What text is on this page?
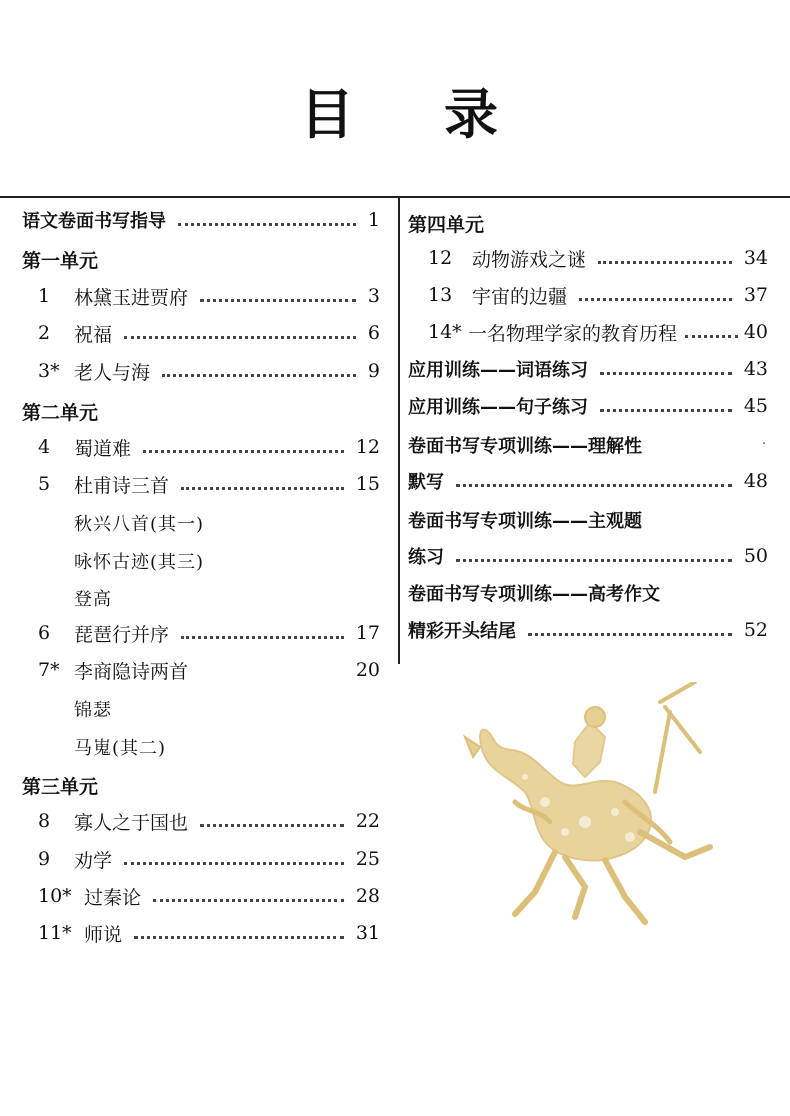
目 录
语文卷面书写指导	1
第一单元
1	林黛玉进贾府	3
2	祝福	6
3* 老人与海	9
第二单元
4	蜀道难	12
5	杜甫诗三首	15
秋兴八首(其一)
咏怀古迹(其三)
登高
6	琵琶行并序	17
7* 李商隐诗两首	20
锦瑟
马嵬(其二)
第三单元
8	寡人之于国也	22
9	劝学	25
10* 过秦论	28
11* 师说	31
第四单元
12	动物游戏之谜	34
13	宇宙的边疆	37
14* 一名物理学家的教育历程	40
应用训练——词语练习	43
应用训练——句子练习	45
卷面书写专项训练——理解性	·
默写	48
卷面书写专项训练——主观题
练习	50
卷面书写专项训练——高考作文
精彩开头结尾	52
